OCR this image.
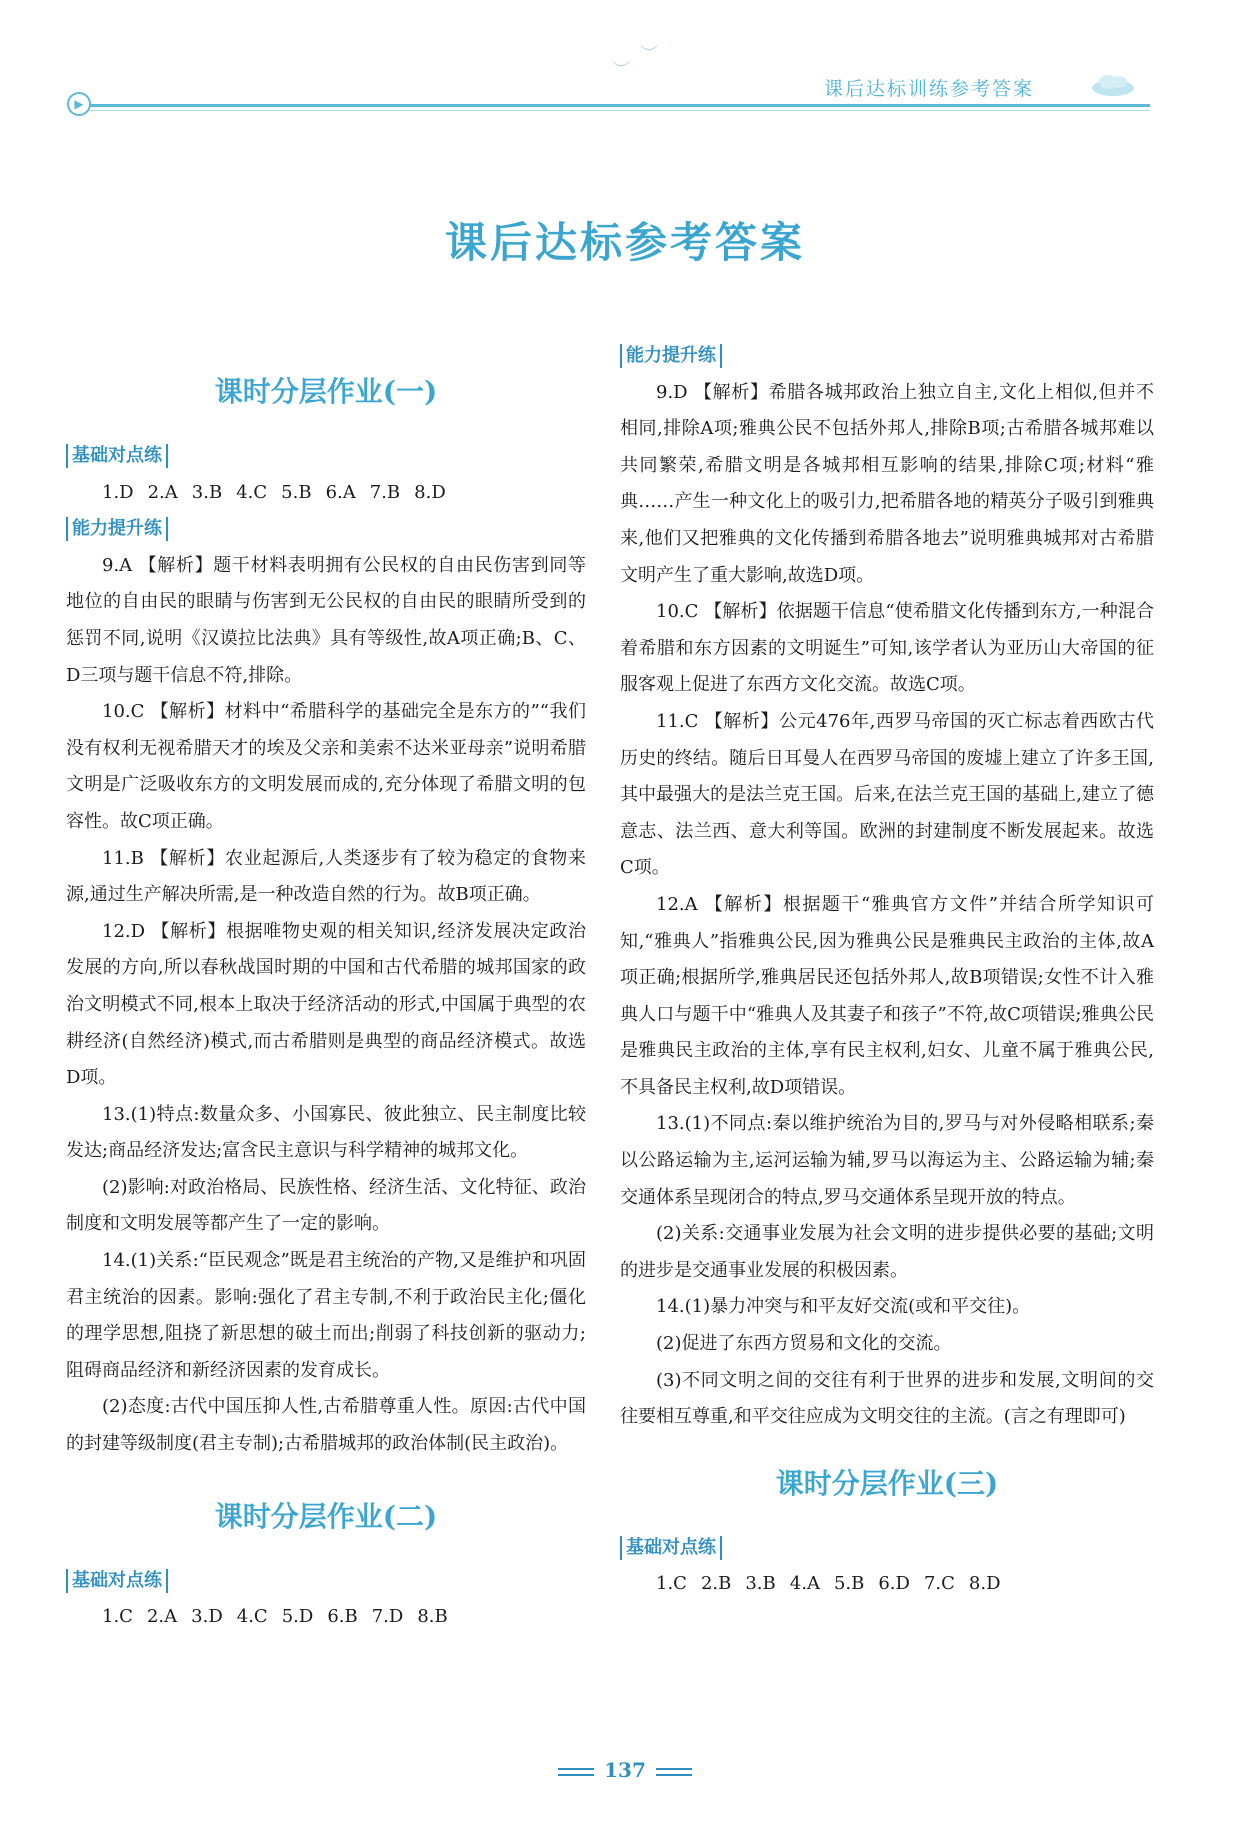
︶
︶
课后达标训练参考答案
▶
课后达标参考答案
课时分层作业(一)
基础对点练

1.D 2.A 3.B 4.C 5.B 6.A 7.B 8.D

能力提升练

9.A 【解析】题干材料表明拥有公民权的自由民伤害到同等地位的自由民的眼睛与伤害到无公民权的自由民的眼睛所受到的惩罚不同,说明《汉谟拉比法典》具有等级性,故A项正确;B、C、D三项与题干信息不符,排除。

10.C 【解析】材料中“希腊科学的基础完全是东方的”“我们没有权利无视希腊天才的埃及父亲和美索不达米亚母亲”说明希腊文明是广泛吸收东方的文明发展而成的,充分体现了希腊文明的包容性。故C项正确。

11.B 【解析】农业起源后,人类逐步有了较为稳定的食物来源,通过生产解决所需,是一种改造自然的行为。故B项正确。

12.D 【解析】根据唯物史观的相关知识,经济发展决定政治发展的方向,所以春秋战国时期的中国和古代希腊的城邦国家的政治文明模式不同,根本上取决于经济活动的形式,中国属于典型的农耕经济(自然经济)模式,而古希腊则是典型的商品经济模式。故选D项。

13.(1)特点:数量众多、小国寡民、彼此独立、民主制度比较发达;商品经济发达;富含民主意识与科学精神的城邦文化。

(2)影响:对政治格局、民族性格、经济生活、文化特征、政治制度和文明发展等都产生了一定的影响。

14.(1)关系:“臣民观念”既是君主统治的产物,又是维护和巩固君主统治的因素。影响:强化了君主专制,不利于政治民主化;僵化的理学思想,阻挠了新思想的破土而出;削弱了科技创新的驱动力;阻碍商品经济和新经济因素的发育成长。

(2)态度:古代中国压抑人性,古希腊尊重人性。原因:古代中国的封建等级制度(君主专制);古希腊城邦的政治体制(民主政治)。

课时分层作业(二)
基础对点练

1.C 2.A 3.D 4.C 5.D 6.B 7.D 8.B

能力提升练

9.D 【解析】希腊各城邦政治上独立自主,文化上相似,但并不相同,排除A项;雅典公民不包括外邦人,排除B项;古希腊各城邦难以共同繁荣,希腊文明是各城邦相互影响的结果,排除C项;材料“雅典……产生一种文化上的吸引力,把希腊各地的精英分子吸引到雅典来,他们又把雅典的文化传播到希腊各地去”说明雅典城邦对古希腊文明产生了重大影响,故选D项。

10.C 【解析】依据题干信息“使希腊文化传播到东方,一种混合着希腊和东方因素的文明诞生”可知,该学者认为亚历山大帝国的征服客观上促进了东西方文化交流。故选C项。

11.C 【解析】公元476年,西罗马帝国的灭亡标志着西欧古代历史的终结。随后日耳曼人在西罗马帝国的废墟上建立了许多王国,其中最强大的是法兰克王国。后来,在法兰克王国的基础上,建立了德意志、法兰西、意大利等国。欧洲的封建制度不断发展起来。故选C项。

12.A 【解析】根据题干“雅典官方文件”并结合所学知识可知,“雅典人”指雅典公民,因为雅典公民是雅典民主政治的主体,故A项正确;根据所学,雅典居民还包括外邦人,故B项错误;女性不计入雅典人口与题干中“雅典人及其妻子和孩子”不符,故C项错误;雅典公民是雅典民主政治的主体,享有民主权利,妇女、儿童不属于雅典公民,不具备民主权利,故D项错误。

13.(1)不同点:秦以维护统治为目的,罗马与对外侵略相联系;秦以公路运输为主,运河运输为辅,罗马以海运为主、公路运输为辅;秦交通体系呈现闭合的特点,罗马交通体系呈现开放的特点。

(2)关系:交通事业发展为社会文明的进步提供必要的基础;文明的进步是交通事业发展的积极因素。

14.(1)暴力冲突与和平友好交流(或和平交往)。

(2)促进了东西方贸易和文化的交流。

(3)不同文明之间的交往有利于世界的进步和发展,文明间的交往要相互尊重,和平交往应成为文明交往的主流。(言之有理即可)

课时分层作业(三)
基础对点练

1.C 2.B 3.B 4.A 5.B 6.D 7.C 8.D

137
